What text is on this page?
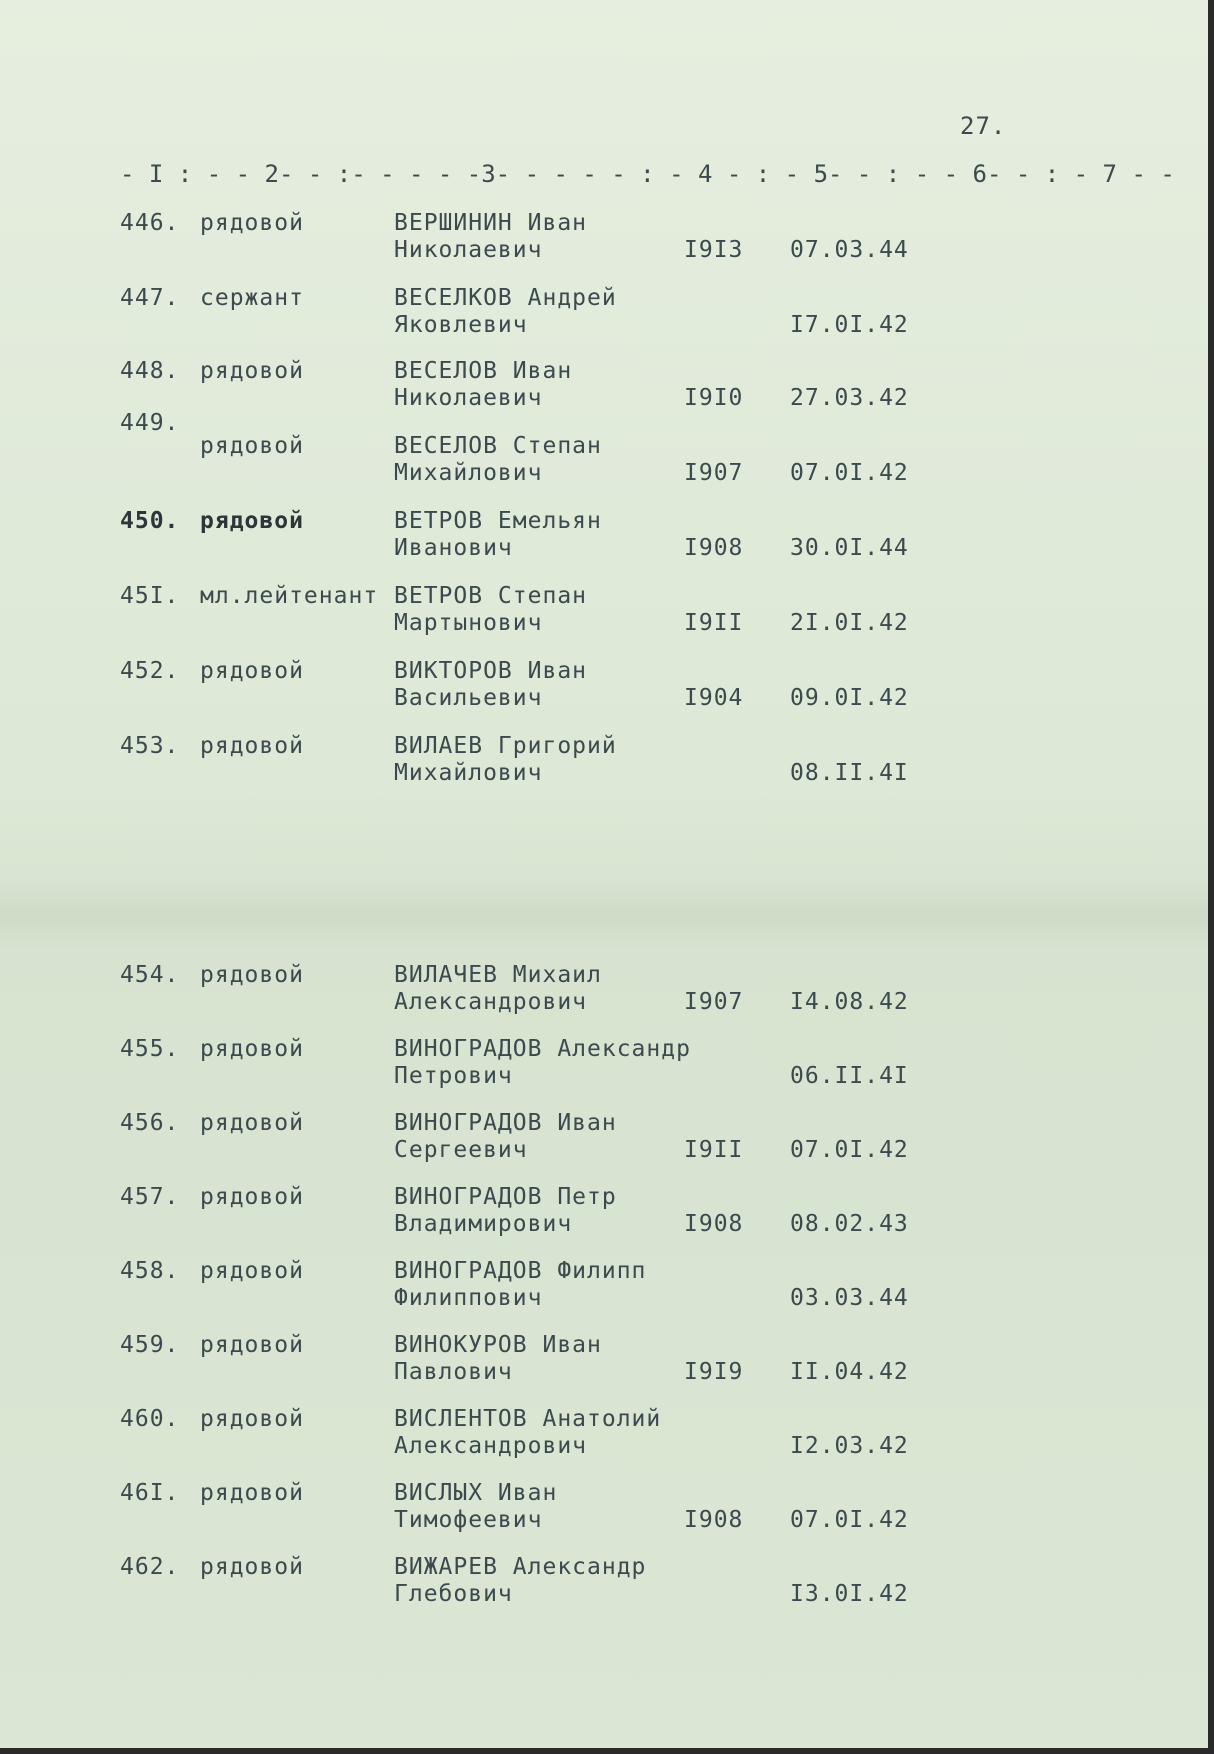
27.
- I : - - 2- - :- - - - -3- - - - - : - 4 - : - 5- - : - - 6- - : - 7 - -
446. рядовой	ВЕРШИНИН Иван
Николаевич	I9I3 07.03.44
447. сержант	ВЕСЕЛКОВ Андрей
Яковлевич	I7.0I.42
448. рядовой	ВЕСЕЛОВ Иван
Николаевич	I9I0 27.03.42
449.
рядовой	ВЕСЕЛОВ Степан
Михайлович	I907 07.0I.42
450. рядовой	ВЕТРОВ Емельян
Иванович	I908 30.0I.44
45I. мл.лейтенант ВЕТРОВ Степан
Мартынович	I9II 2I.0I.42
452. рядовой	ВИКТОРОВ Иван
Васильевич	I904 09.0I.42
453. рядовой	ВИЛАЕВ Григорий
Михайлович	08.II.4I
454. рядовой	ВИЛАЧЕВ Михаил
Александрович	I907 I4.08.42
455. рядовой	ВИНОГРАДОВ Александр
Петрович	06.II.4I
456. рядовой	ВИНОГРАДОВ Иван
Сергеевич	I9II 07.0I.42
457. рядовой	ВИНОГРАДОВ Петр
Владимирович	I908 08.02.43
458. рядовой	ВИНОГРАДОВ Филипп
Филиппович	03.03.44
459. рядовой	ВИНОКУРОВ Иван
Павлович	I9I9 II.04.42
460. рядовой	ВИСЛЕНТОВ Анатолий
Александрович	I2.03.42
46I. рядовой	ВИСЛЫХ Иван
Тимофеевич	I908 07.0I.42
462. рядовой	ВИЖАРЕВ Александр
Глебович	I3.0I.42
